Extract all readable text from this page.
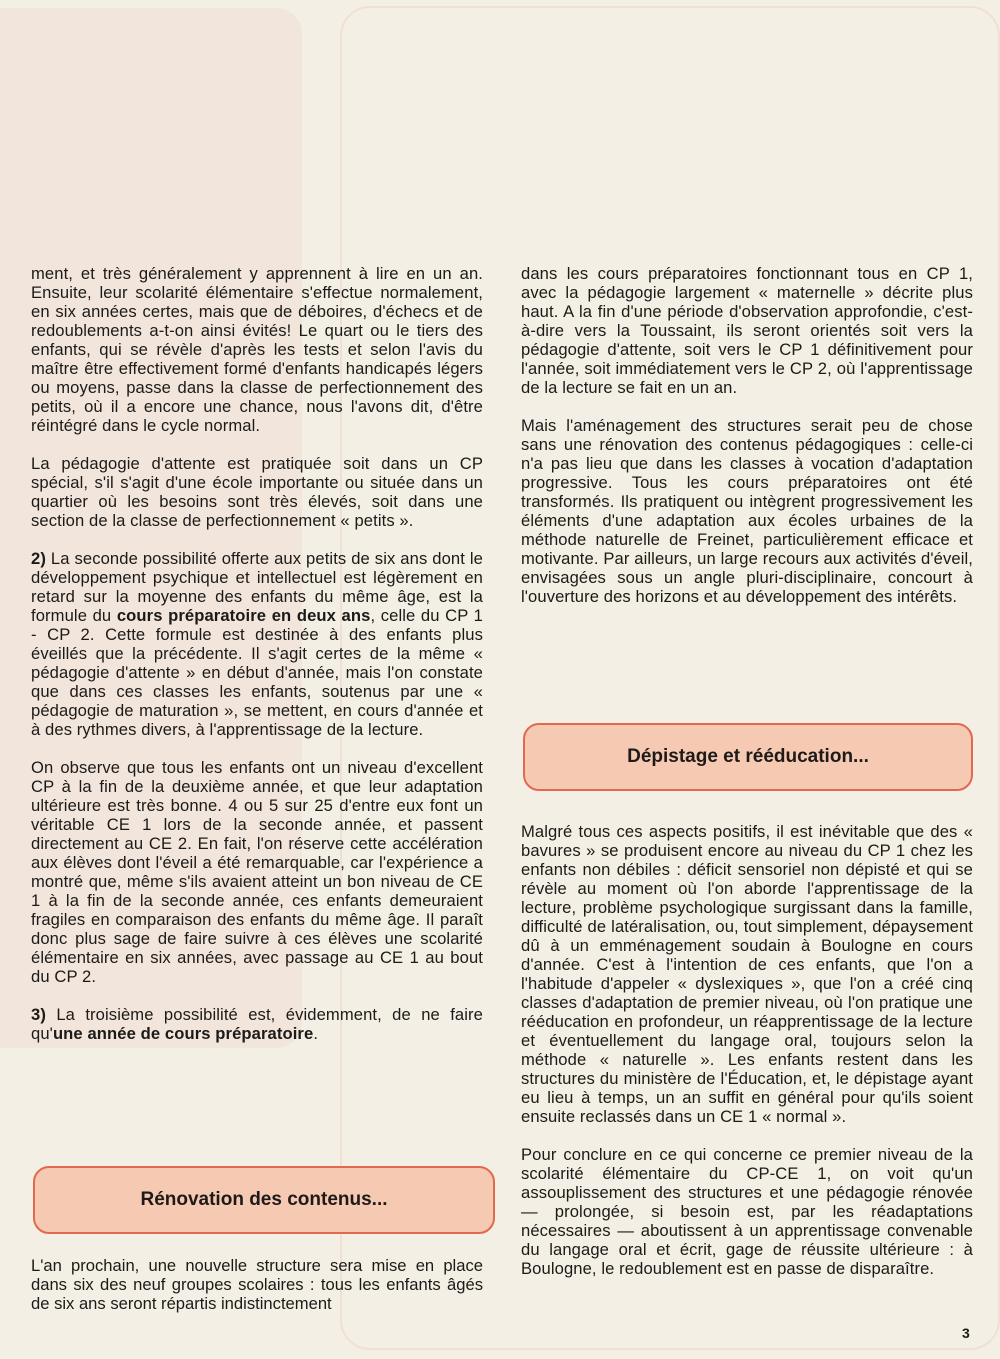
ment, et très généralement y apprennent à lire en un an. Ensuite, leur scolarité élémentaire s'effectue normalement, en six années certes, mais que de déboires, d'échecs et de redoublements a-t-on ainsi évités! Le quart ou le tiers des enfants, qui se révèle d'après les tests et selon l'avis du maître être effectivement formé d'enfants handicapés légers ou moyens, passe dans la classe de perfectionnement des petits, où il a encore une chance, nous l'avons dit, d'être réintégré dans le cycle normal.

La pédagogie d'attente est pratiquée soit dans un CP spécial, s'il s'agit d'une école importante ou située dans un quartier où les besoins sont très élevés, soit dans une section de la classe de perfectionnement « petits ».

2) La seconde possibilité offerte aux petits de six ans dont le développement psychique et intellectuel est légèrement en retard sur la moyenne des enfants du même âge, est la formule du cours préparatoire en deux ans, celle du CP 1 - CP 2. Cette formule est destinée à des enfants plus éveillés que la précédente. Il s'agit certes de la même « pédagogie d'attente » en début d'année, mais l'on constate que dans ces classes les enfants, soutenus par une « pédagogie de maturation », se mettent, en cours d'année et à des rythmes divers, à l'apprentissage de la lecture.

On observe que tous les enfants ont un niveau d'excellent CP à la fin de la deuxième année, et que leur adaptation ultérieure est très bonne. 4 ou 5 sur 25 d'entre eux font un véritable CE 1 lors de la seconde année, et passent directement au CE 2. En fait, l'on réserve cette accélération aux élèves dont l'éveil a été remarquable, car l'expérience a montré que, même s'ils avaient atteint un bon niveau de CE 1 à la fin de la seconde année, ces enfants demeuraient fragiles en comparaison des enfants du même âge. Il paraît donc plus sage de faire suivre à ces élèves une scolarité élémentaire en six années, avec passage au CE 1 au bout du CP 2.

3) La troisième possibilité est, évidemment, de ne faire qu'une année de cours préparatoire.

Rénovation des contenus...
L'an prochain, une nouvelle structure sera mise en place dans six des neuf groupes scolaires : tous les enfants âgés de six ans seront répartis indistinctement

dans les cours préparatoires fonctionnant tous en CP 1, avec la pédagogie largement « maternelle » décrite plus haut. A la fin d'une période d'observation approfondie, c'est-à-dire vers la Toussaint, ils seront orientés soit vers la pédagogie d'attente, soit vers le CP 1 définitivement pour l'année, soit immédiatement vers le CP 2, où l'apprentissage de la lecture se fait en un an.

Mais l'aménagement des structures serait peu de chose sans une rénovation des contenus pédagogiques : celle-ci n'a pas lieu que dans les classes à vocation d'adaptation progressive. Tous les cours préparatoires ont été transformés. Ils pratiquent ou intègrent progressivement les éléments d'une adaptation aux écoles urbaines de la méthode naturelle de Freinet, particulièrement efficace et motivante. Par ailleurs, un large recours aux activités d'éveil, envisagées sous un angle pluri-disciplinaire, concourt à l'ouverture des horizons et au développement des intérêts.

Dépistage et rééducation...

Malgré tous ces aspects positifs, il est inévitable que des « bavures » se produisent encore au niveau du CP 1 chez les enfants non débiles : déficit sensoriel non dépisté et qui se révèle au moment où l'on aborde l'apprentissage de la lecture, problème psychologique surgissant dans la famille, difficulté de latéralisation, ou, tout simplement, dépaysement dû à un emménagement soudain à Boulogne en cours d'année. C'est à l'intention de ces enfants, que l'on a l'habitude d'appeler « dyslexiques », que l'on a créé cinq classes d'adaptation de premier niveau, où l'on pratique une rééducation en profondeur, un réapprentissage de la lecture et éventuellement du langage oral, toujours selon la méthode « naturelle ». Les enfants restent dans les structures du ministère de l'Éducation, et, le dépistage ayant eu lieu à temps, un an suffit en général pour qu'ils soient ensuite reclassés dans un CE 1 « normal ».

Pour conclure en ce qui concerne ce premier niveau de la scolarité élémentaire du CP-CE 1, on voit qu'un assouplissement des structures et une pédagogie rénovée — prolongée, si besoin est, par les réadaptations nécessaires — aboutissent à un apprentissage convenable du langage oral et écrit, gage de réussite ultérieure : à Boulogne, le redoublement est en passe de disparaître.

3
